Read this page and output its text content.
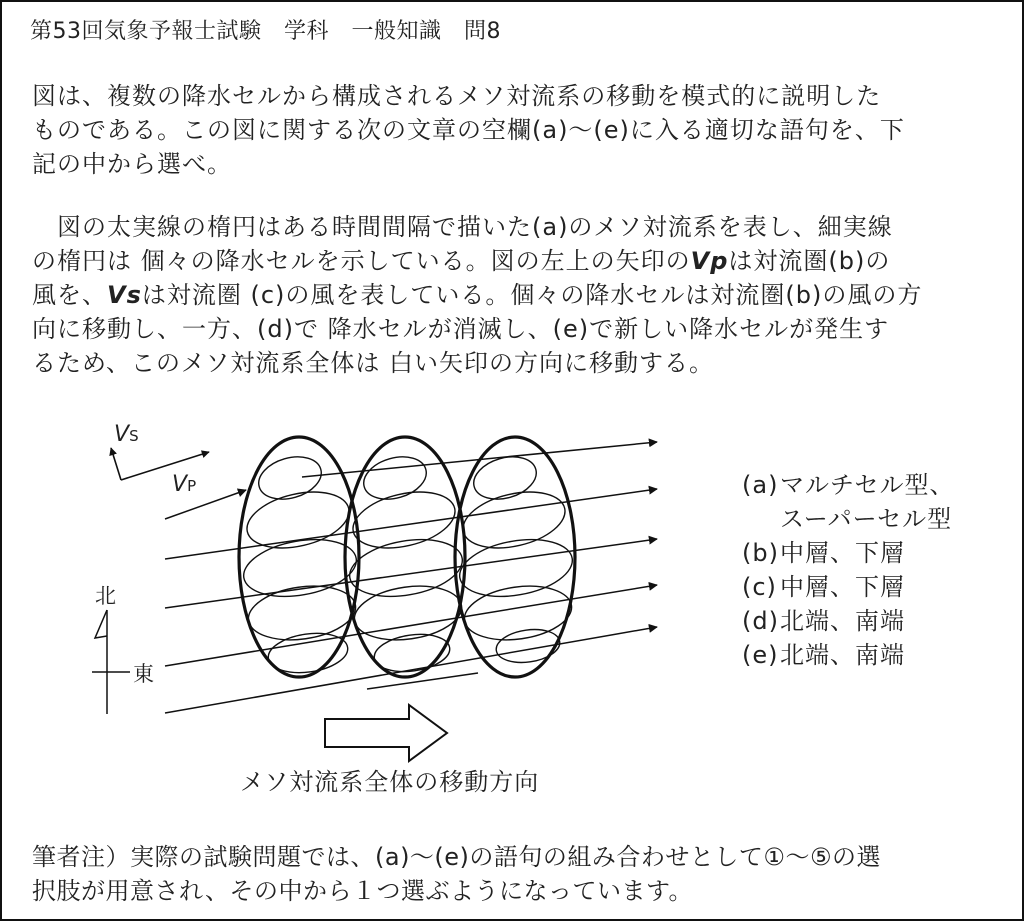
第53回気象予報士試験　学科　一般知識　問8
図は、複数の降水セルから構成されるメソ対流系の移動を模式的に説明した
ものである。この図に関する次の文章の空欄(a)〜(e)に入る適切な語句を、下
記の中から選べ。
　図の太実線の楕円はある時間間隔で描いた(a)のメソ対流系を表し、細実線
の楕円は 個々の降水セルを示している。図の左上の矢印のVpは対流圏(b)の
風を、Vsは対流圏 (c)の風を表している。個々の降水セルは対流圏(b)の風の方
向に移動し、一方、(d)で 降水セルが消滅し、(e)で新しい降水セルが発生す
るため、このメソ対流系全体は 白い矢印の方向に移動する。
VS
VP
北
東
メソ対流系全体の移動方向
(a)マルチセル型、
スーパーセル型
(b)中層、下層
(c) 中層、下層
(d)北端、南端
(e)北端、南端
筆者注）実際の試験問題では、(a)〜(e)の語句の組み合わせとして①〜⑤の選
択肢が用意され、その中から１つ選ぶようになっています。
